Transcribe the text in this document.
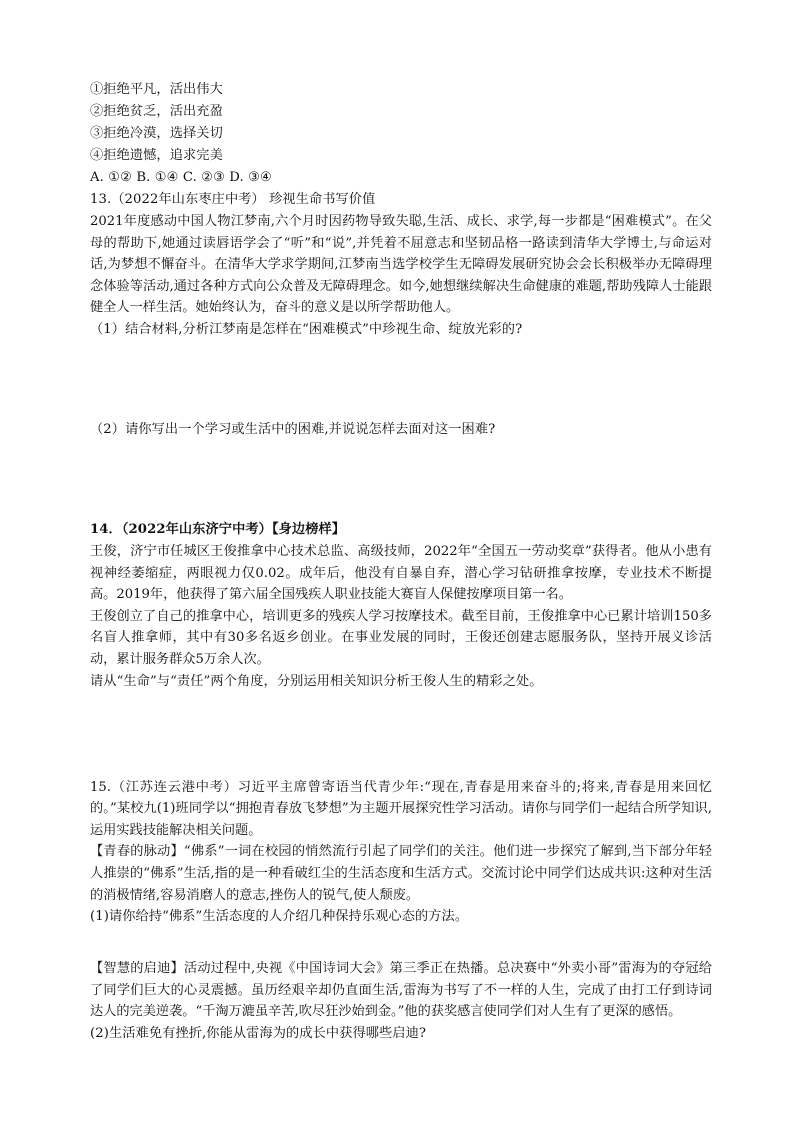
①拒绝平凡，活出伟大
②拒绝贫乏，活出充盈
③拒绝冷漠，选择关切
④拒绝遗憾，追求完美
A. ①② B. ①④ C. ②③ D. ③④
13.（2022年山东枣庄中考） 珍视生命书写价值

2021年度感动中国人物江梦南,六个月时因药物导致失聪,生活、成长、求学,每一步都是“困难模式”。在父母的帮助下,她通过读唇语学会了“听”和“说”,并凭着不屈意志和坚韧品格一路读到清华大学博士,与命运对话,为梦想不懈奋斗。在清华大学求学期间,江梦南当选学校学生无障碍发展研究协会会长积极举办无障碍理念体验等活动,通过各种方式向公众普及无障碍理念。如今,她想继续解决生命健康的难题,帮助残障人士能跟健全人一样生活。她始终认为，奋斗的意义是以所学帮助他人。

（1）结合材料,分析江梦南是怎样在“困难模式”中珍视生命、绽放光彩的?
（2）请你写出一个学习或生活中的困难,并说说怎样去面对这一困难?
14．（2022年山东济宁中考）【身边榜样】

王俊，济宁市任城区王俊推拿中心技术总监、高级技师，2022年“全国五一劳动奖章”获得者。他从小患有视神经萎缩症，两眼视力仅0.02。成年后，他没有自暴自弃，潜心学习钻研推拿按摩，专业技术不断提高。2019年，他获得了第六届全国残疾人职业技能大赛盲人保健按摩项目第一名。

王俊创立了自己的推拿中心，培训更多的残疾人学习按摩技术。截至目前，王俊推拿中心已累计培训150多名盲人推拿师，其中有30多名返乡创业。在事业发展的同时，王俊还创建志愿服务队，坚持开展义诊活动，累计服务群众5万余人次。

请从“生命”与“责任”两个角度，分别运用相关知识分析王俊人生的精彩之处。

15.（江苏连云港中考）习近平主席曾寄语当代青少年:“现在,青春是用来奋斗的;将来,青春是用来回忆的。”某校九(1)班同学以“拥抱青春放飞梦想”为主题开展探究性学习活动。请你与同学们一起结合所学知识,运用实践技能解决相关问题。

【青春的脉动】“佛系”一词在校园的悄然流行引起了同学们的关注。他们进一步探究了解到,当下部分年轻人推崇的“佛系”生活,指的是一种看破红尘的生活态度和生活方式。交流讨论中同学们达成共识:这种对生活的消极情绪,容易消磨人的意志,挫伤人的锐气,使人颓废。

(1)请你给持“佛系”生活态度的人介绍几种保持乐观心态的方法。

【智慧的启迪】活动过程中,央视《中国诗词大会》第三季正在热播。总决赛中“外卖小哥”雷海为的夺冠给了同学们巨大的心灵震撼。虽历经艰辛却仍直面生活,雷海为书写了不一样的人生，完成了由打工仔到诗词达人的完美逆袭。“千淘万漉虽辛苦,吹尽狂沙始到金。”他的获奖感言使同学们对人生有了更深的感悟。

(2)生活难免有挫折,你能从雷海为的成长中获得哪些启迪?
